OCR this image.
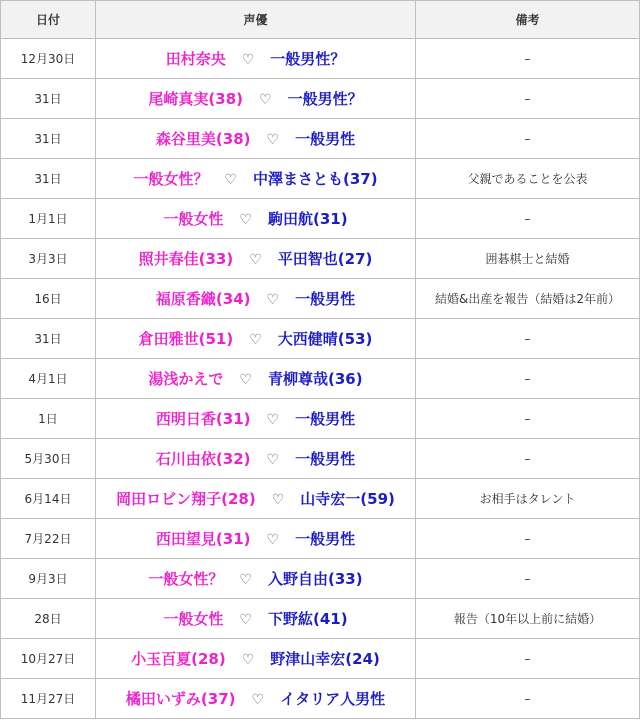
日付	声優	備考
12月30日	田村奈央 ♡ 一般男性？	–
31日	尾崎真実(38) ♡ 一般男性？	–
31日	森谷里美(38) ♡ 一般男性	–
31日	一般女性？ ♡ 中澤まさとも(37)	父親であることを公表
1月1日	一般女性 ♡ 駒田航(31)	–
3月3日	照井春佳(33) ♡ 平田智也(27)	囲碁棋士と結婚
16日	福原香織(34) ♡ 一般男性	結婚&出産を報告（結婚は2年前）
31日	倉田雅世(51) ♡ 大西健晴(53)	–
4月1日	湯浅かえで ♡ 青柳尊哉(36)	–
1日	西明日香(31) ♡ 一般男性	–
5月30日	石川由依(32) ♡ 一般男性	–
6月14日	岡田ロビン翔子(28) ♡ 山寺宏一(59)	お相手はタレント
7月22日	西田望見(31) ♡ 一般男性	–
9月3日	一般女性？ ♡ 入野自由(33)	–
28日	一般女性 ♡ 下野紘(41)	報告（10年以上前に結婚）
10月27日	小玉百夏(28) ♡ 野津山幸宏(24)	–
11月27日	橘田いずみ(37) ♡ イタリア人男性	–
